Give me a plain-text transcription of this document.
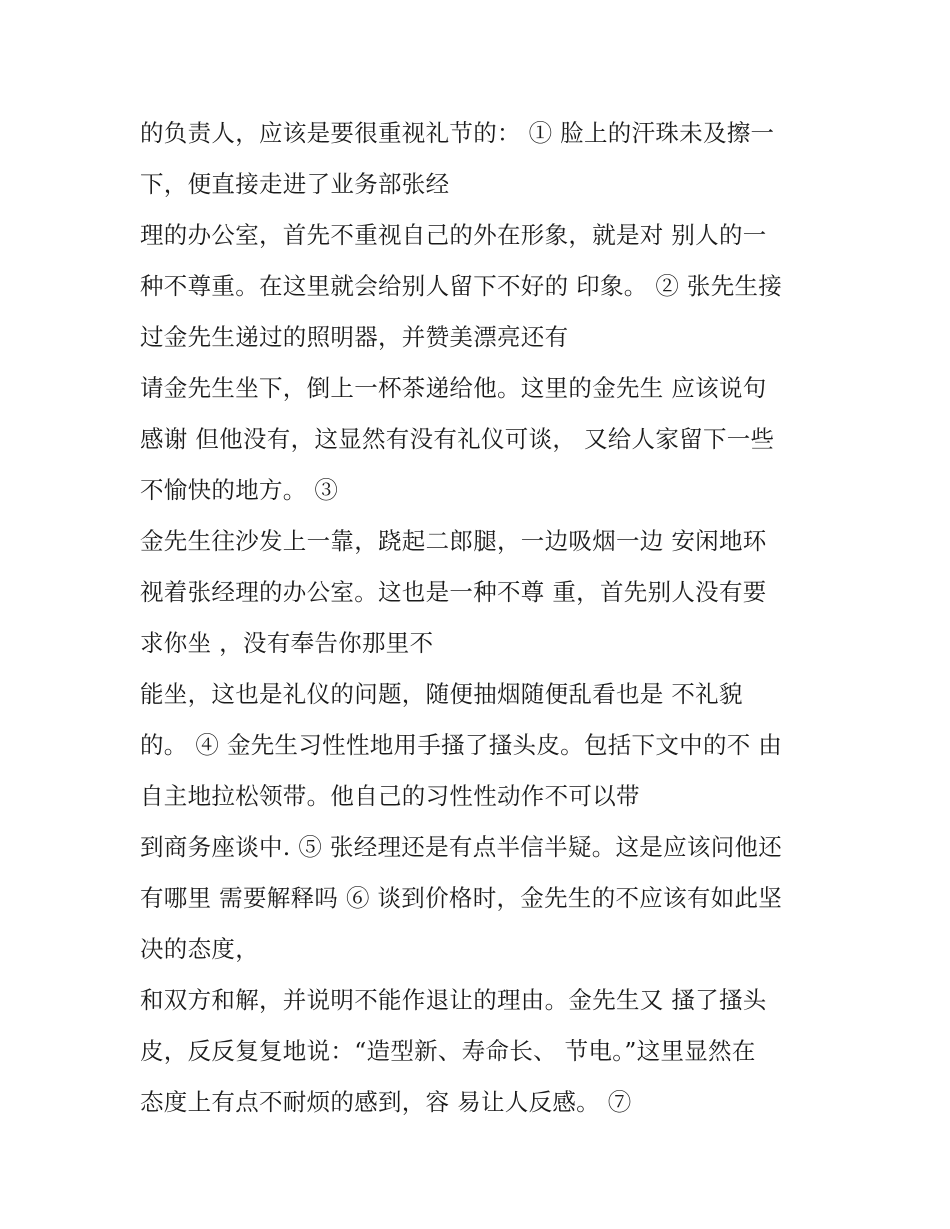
的负责人，应该是要很重视礼节的： ① 脸上的汗珠未及擦一
下，便直接走进了业务部张经
理的办公室，首先不重视自己的外在形象，就是对 别人的一
种不尊重。在这里就会给别人留下不好的 印象。 ② 张先生接
过金先生递过的照明器，并赞美漂亮还有
请金先生坐下，倒上一杯茶递给他。这里的金先生 应该说句
感谢 但他没有，这显然有没有礼仪可谈， 又给人家留下一些
不愉快的地方。 ③
金先生往沙发上一靠，跷起二郎腿，一边吸烟一边 安闲地环
视着张经理的办公室。这也是一种不尊 重，首先别人没有要
求你坐 ，没有奉告你那里不
能坐，这也是礼仪的问题，随便抽烟随便乱看也是 不礼貌
的。 ④ 金先生习性性地用手搔了搔头皮。包括下文中的不 由
自主地拉松领带。他自己的习性性动作不可以带
到商务座谈中. ⑤ 张经理还是有点半信半疑。这是应该问他还
有哪里 需要解释吗 ⑥ 谈到价格时，金先生的不应该有如此坚
决的态度，
和双方和解，并说明不能作退让的理由。金先生又 搔了搔头
皮，反反复复地说：“造型新、寿命长、 节电。”这里显然在
态度上有点不耐烦的感到，容 易让人反感。 ⑦
